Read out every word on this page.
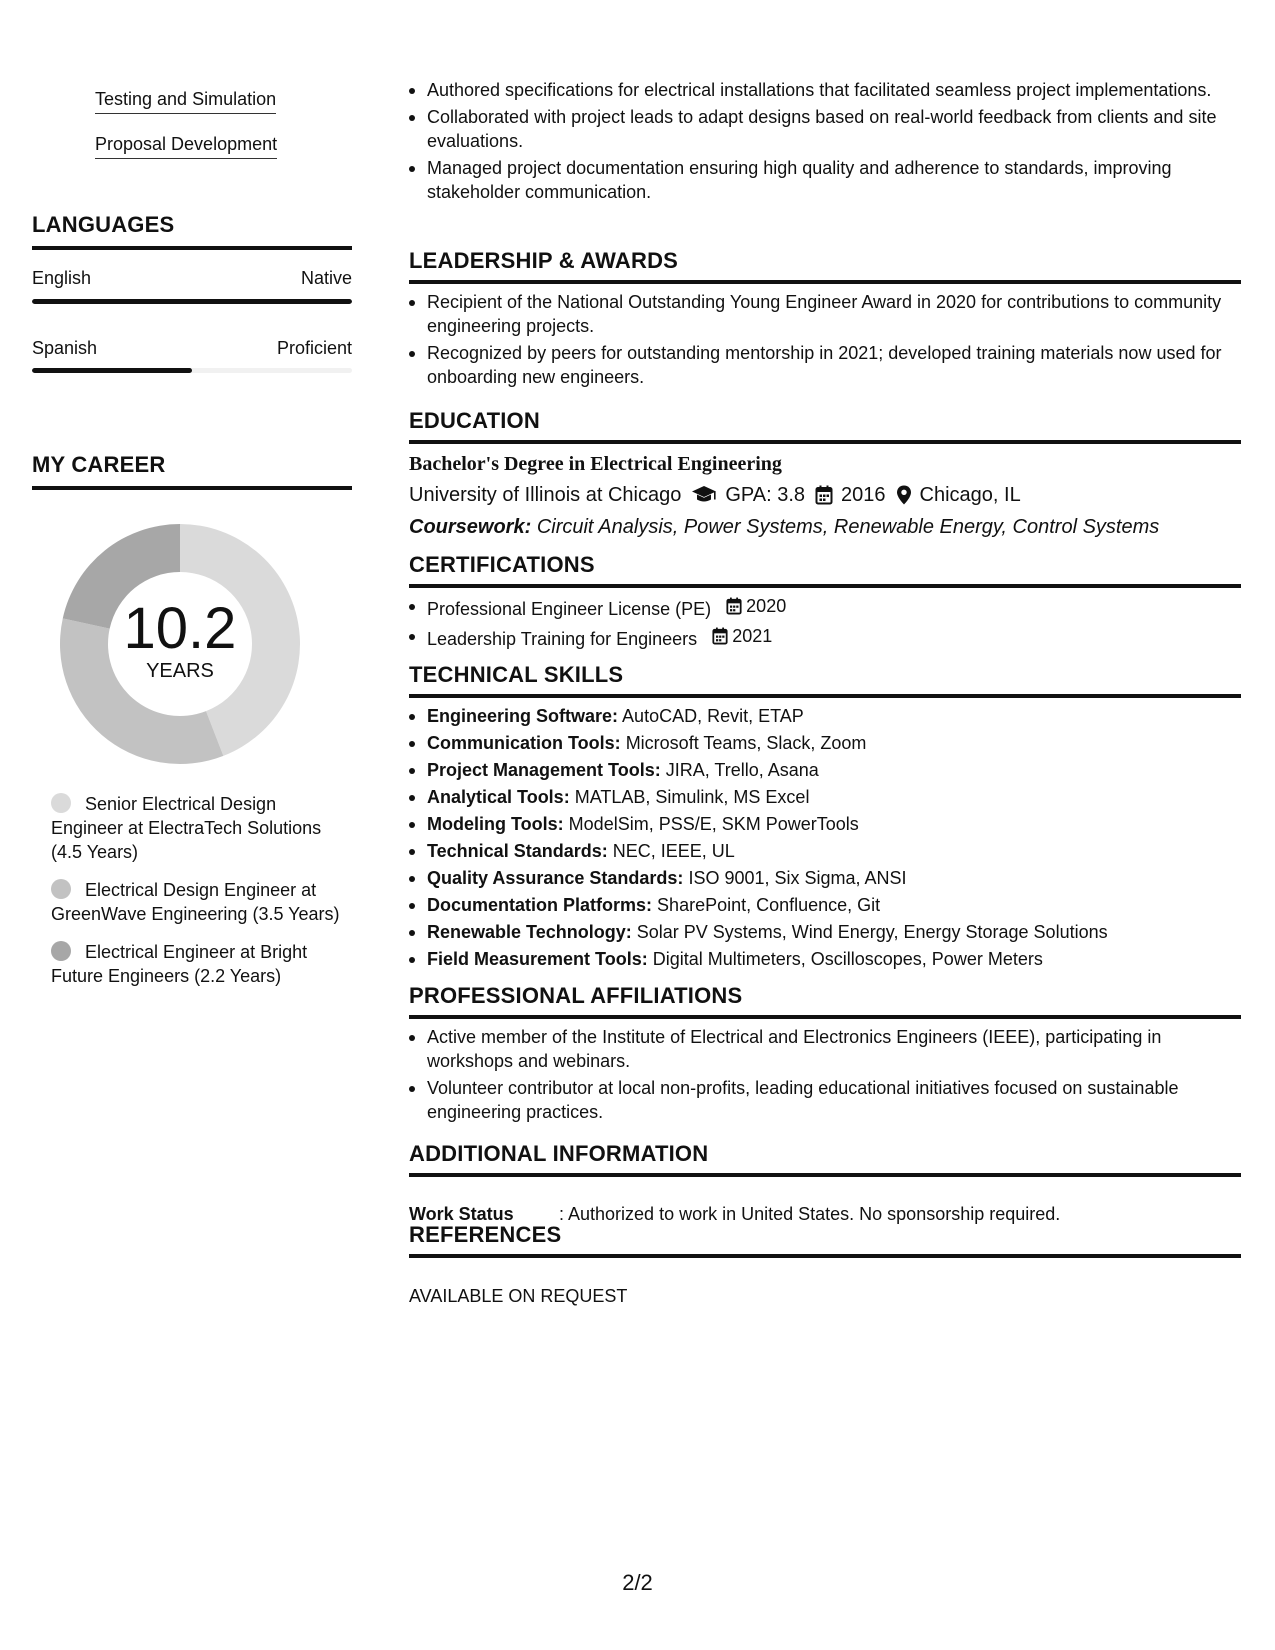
Testing and Simulation
Proposal Development
LANGUAGES
English	Native
Spanish	Proficient
MY CAREER
10.2
YEARS
Senior Electrical Design Engineer at ElectraTech Solutions (4.5 Years)
Electrical Design Engineer at GreenWave Engineering (3.5 Years)
Electrical Engineer at Bright Future Engineers (2.2 Years)
Authored specifications for electrical installations that facilitated seamless project implementations.
Collaborated with project leads to adapt designs based on real-world feedback from clients and site evaluations.
Managed project documentation ensuring high quality and adherence to standards, improving stakeholder communication.
LEADERSHIP & AWARDS
Recipient of the National Outstanding Young Engineer Award in 2020 for contributions to community engineering projects.
Recognized by peers for outstanding mentorship in 2021; developed training materials now used for onboarding new engineers.
EDUCATION
Bachelor's Degree in Electrical Engineering
University of Illinois at Chicago GPA: 3.8 2016 Chicago, IL
Coursework: Circuit Analysis, Power Systems, Renewable Energy, Control Systems
CERTIFICATIONS
Professional Engineer License (PE) 2020
Leadership Training for Engineers 2021
TECHNICAL SKILLS
Engineering Software: AutoCAD, Revit, ETAP
Communication Tools: Microsoft Teams, Slack, Zoom
Project Management Tools: JIRA, Trello, Asana
Analytical Tools: MATLAB, Simulink, MS Excel
Modeling Tools: ModelSim, PSS/E, SKM PowerTools
Technical Standards: NEC, IEEE, UL
Quality Assurance Standards: ISO 9001, Six Sigma, ANSI
Documentation Platforms: SharePoint, Confluence, Git
Renewable Technology: Solar PV Systems, Wind Energy, Energy Storage Solutions
Field Measurement Tools: Digital Multimeters, Oscilloscopes, Power Meters
PROFESSIONAL AFFILIATIONS
Active member of the Institute of Electrical and Electronics Engineers (IEEE), participating in workshops and webinars.
Volunteer contributor at local non-profits, leading educational initiatives focused on sustainable engineering practices.
ADDITIONAL INFORMATION
Work Status	: Authorized to work in United States. No sponsorship required.
REFERENCES
AVAILABLE ON REQUEST
2/2
